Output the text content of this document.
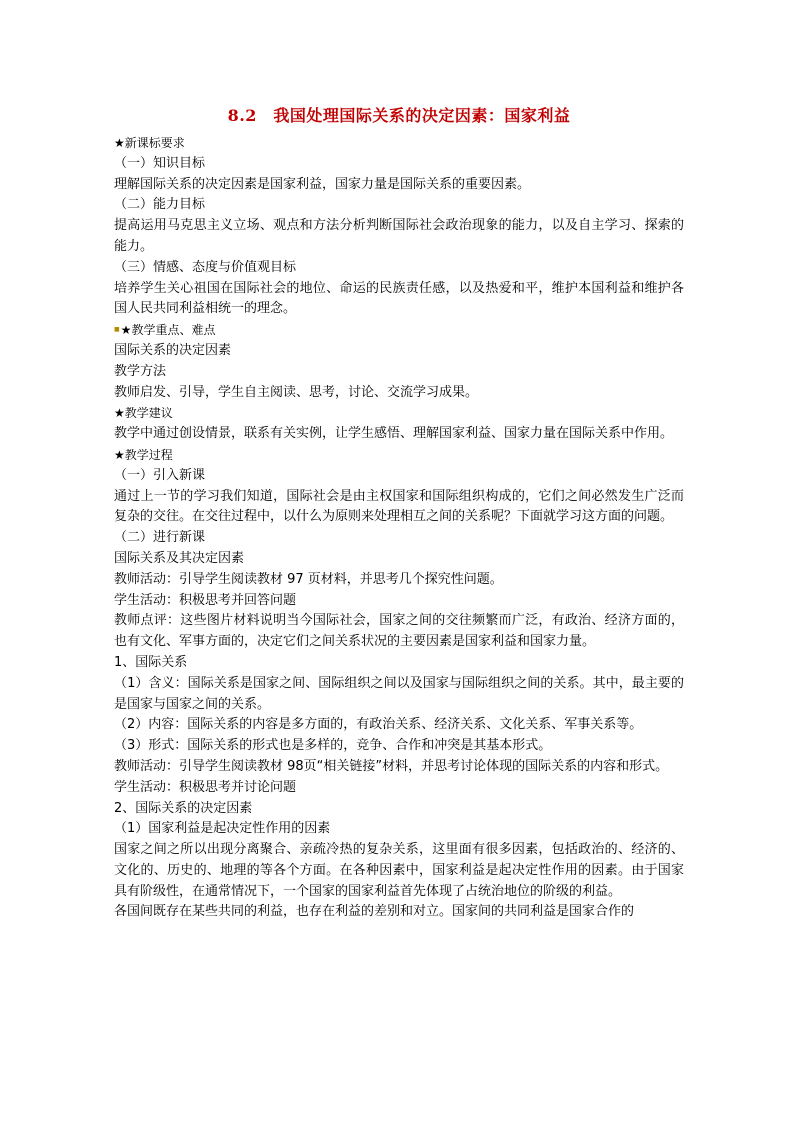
8.2　我国处理国际关系的决定因素：国家利益

★新课标要求

（一）知识目标

理解国际关系的决定因素是国家利益，国家力量是国际关系的重要因素。

（二）能力目标

提高运用马克思主义立场、观点和方法分析判断国际社会政治现象的能力，以及自主学习、探索的能力。

（三）情感、态度与价值观目标

培养学生关心祖国在国际社会的地位、命运的民族责任感，以及热爱和平，维护本国利益和维护各国人民共同利益相统一的理念。

■★教学重点、难点

国际关系的决定因素

教学方法

教师启发、引导，学生自主阅读、思考，讨论、交流学习成果。

★教学建议

教学中通过创设情景，联系有关实例，让学生感悟、理解国家利益、国家力量在国际关系中作用。

★教学过程

（一）引入新课

通过上一节的学习我们知道，国际社会是由主权国家和国际组织构成的，它们之间必然发生广泛而复杂的交往。在交往过程中，以什么为原则来处理相互之间的关系呢？下面就学习这方面的问题。

（二）进行新课

国际关系及其决定因素

教师活动：引导学生阅读教材 97 页材料，并思考几个探究性问题。

学生活动：积极思考并回答问题

教师点评：这些图片材料说明当今国际社会，国家之间的交往频繁而广泛，有政治、经济方面的，也有文化、军事方面的，决定它们之间关系状况的主要因素是国家利益和国家力量。

1、国际关系

（1）含义：国际关系是国家之间、国际组织之间以及国家与国际组织之间的关系。其中，最主要的是国家与国家之间的关系。

（2）内容：国际关系的内容是多方面的，有政治关系、经济关系、文化关系、军事关系等。

（3）形式：国际关系的形式也是多样的，竞争、合作和冲突是其基本形式。

教师活动：引导学生阅读教材 98页“相关链接”材料，并思考讨论体现的国际关系的内容和形式。

学生活动：积极思考并讨论问题

2、国际关系的决定因素

（1）国家利益是起决定性作用的因素

国家之间之所以出现分离聚合、亲疏冷热的复杂关系，这里面有很多因素，包括政治的、经济的、文化的、历史的、地理的等各个方面。在各种因素中，国家利益是起决定性作用的因素。由于国家具有阶级性，在通常情况下，一个国家的国家利益首先体现了占统治地位的阶级的利益。

各国间既存在某些共同的利益，也存在利益的差别和对立。国家间的共同利益是国家合作的
